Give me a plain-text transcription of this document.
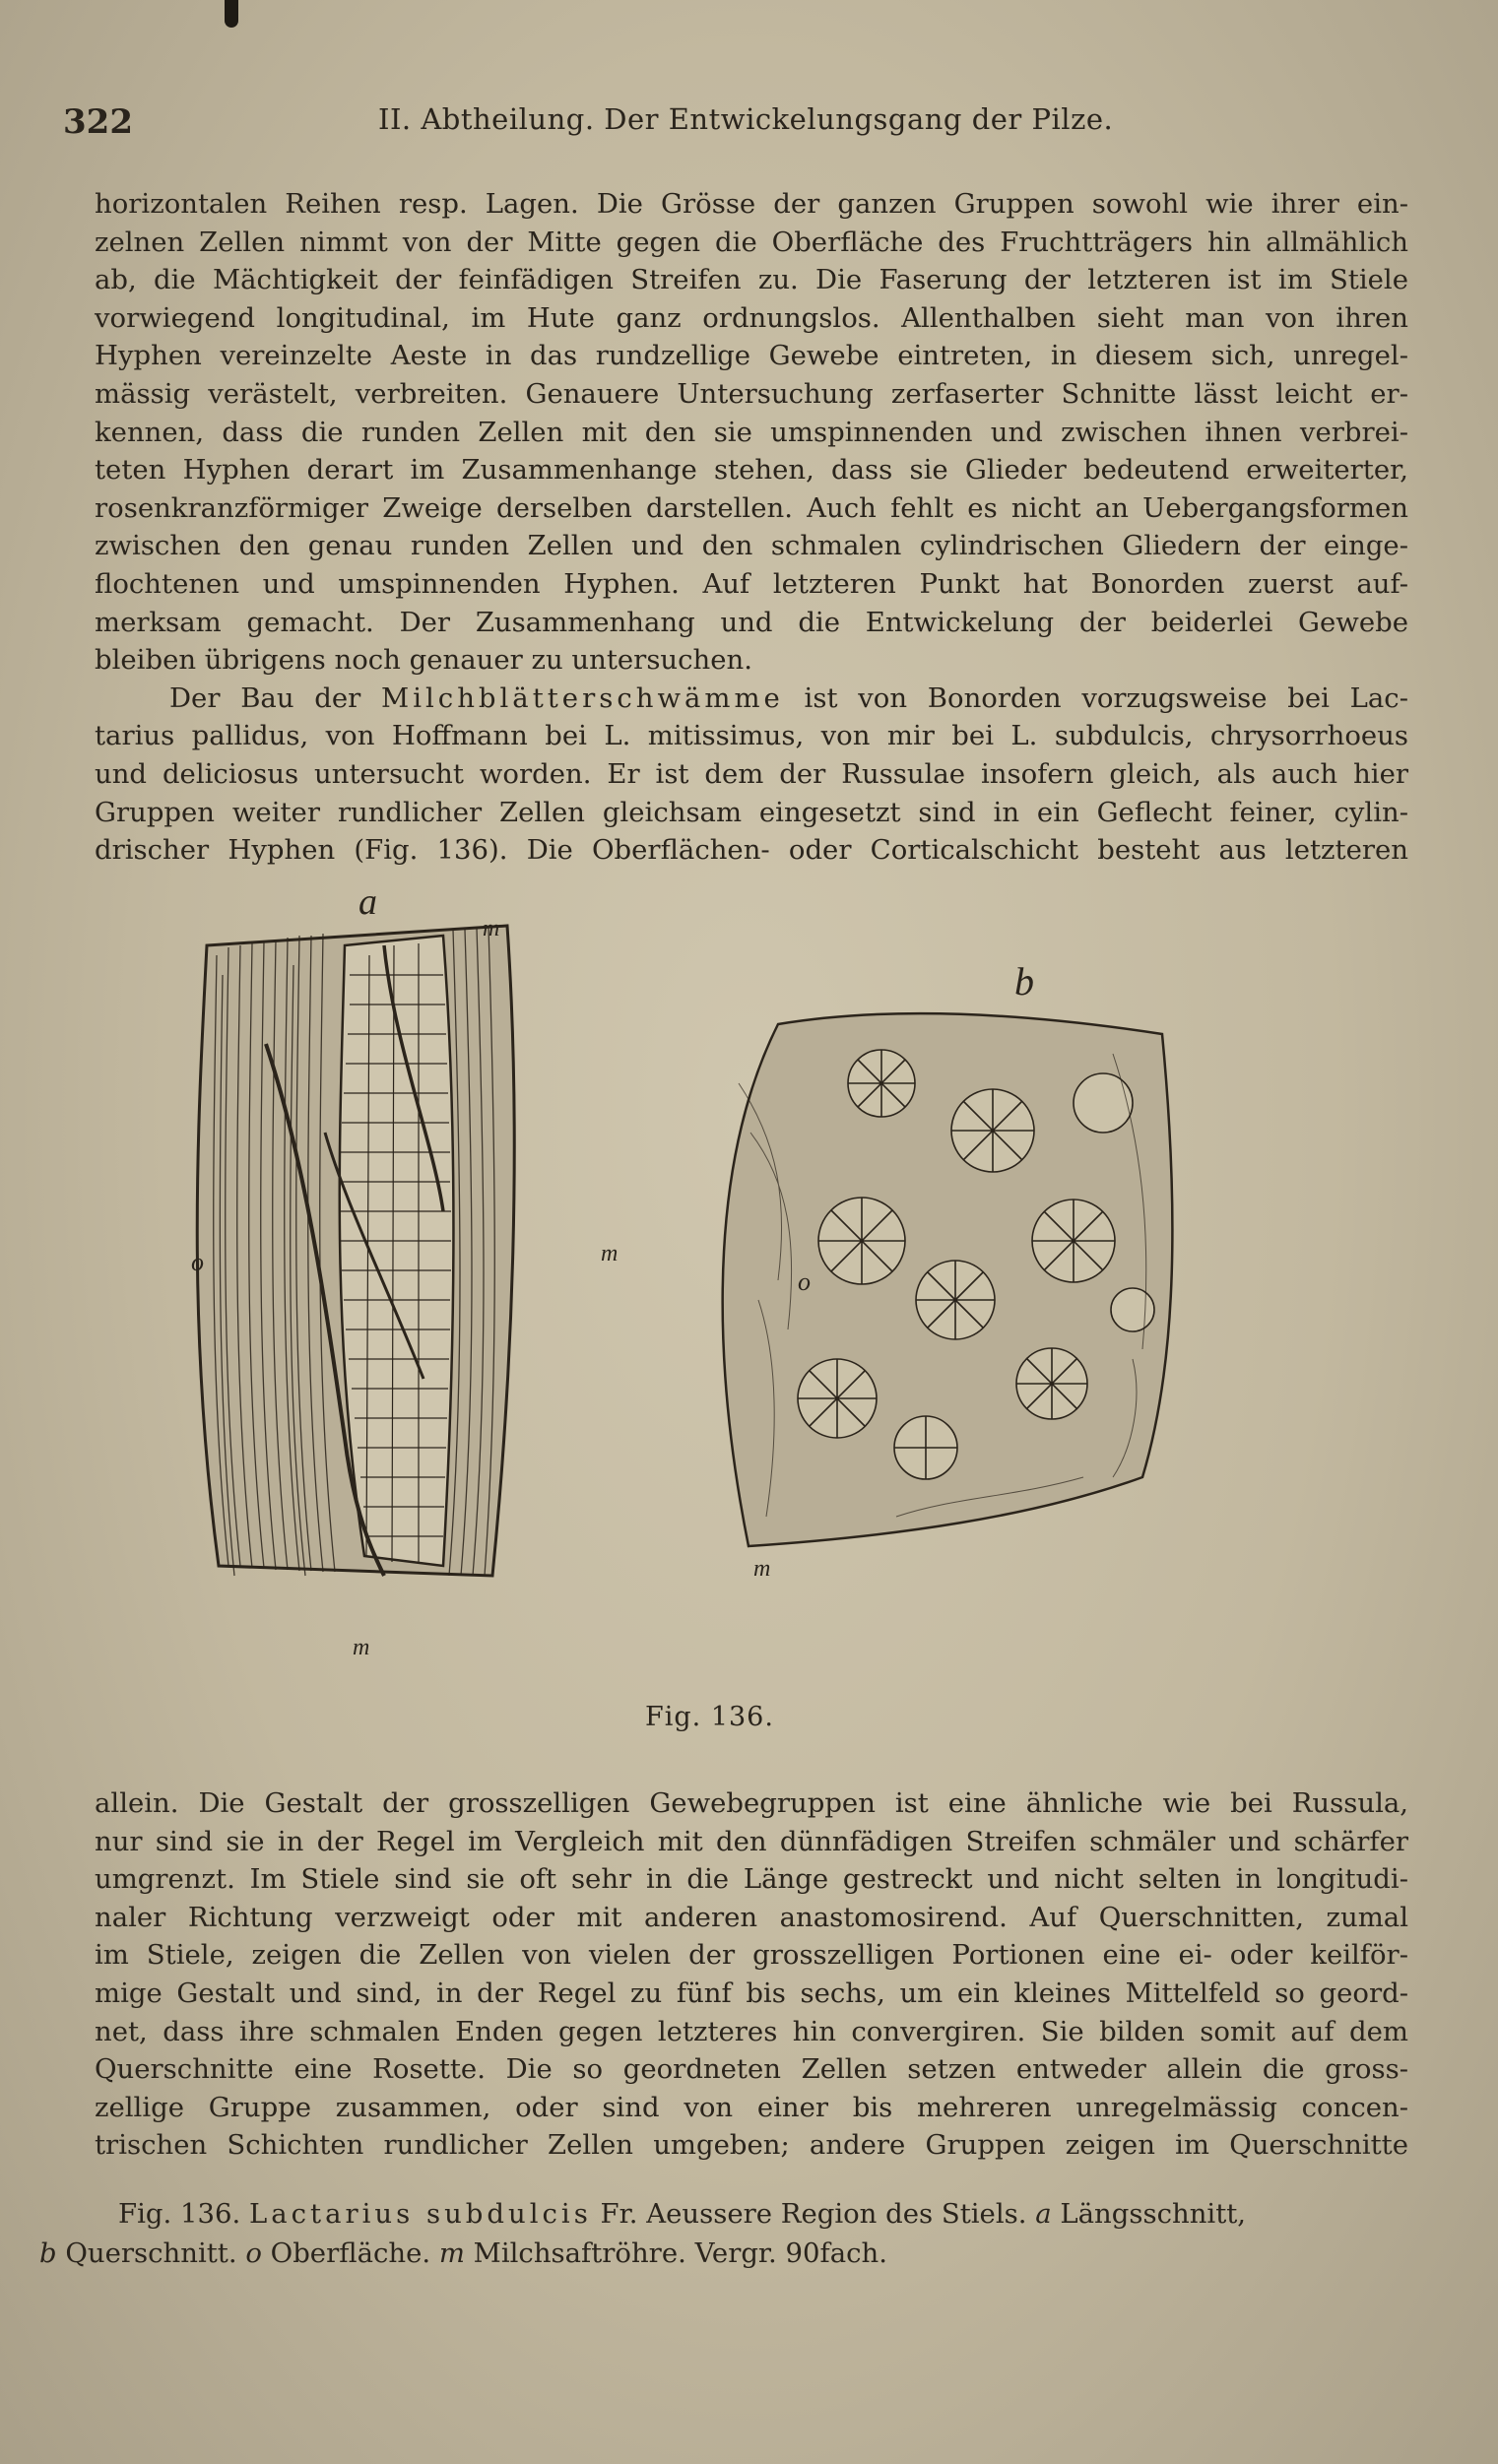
322	II. Abtheilung. Der Entwickelungsgang der Pilze.

horizontalen Reihen resp. Lagen. Die Grösse der ganzen Gruppen sowohl wie ihrer ein-
zelnen Zellen nimmt von der Mitte gegen die Oberfläche des Fruchtträgers hin allmählich
ab, die Mächtigkeit der feinfädigen Streifen zu. Die Faserung der letzteren ist im Stiele
vorwiegend longitudinal, im Hute ganz ordnungslos. Allenthalben sieht man von ihren
Hyphen vereinzelte Aeste in das rundzellige Gewebe eintreten, in diesem sich, unregel-
mässig verästelt, verbreiten. Genauere Untersuchung zerfaserter Schnitte lässt leicht er-
kennen, dass die runden Zellen mit den sie umspinnenden und zwischen ihnen verbrei-
teten Hyphen derart im Zusammenhange stehen, dass sie Glieder bedeutend erweiterter,
rosenkranzförmiger Zweige derselben darstellen. Auch fehlt es nicht an Uebergangsformen
zwischen den genau runden Zellen und den schmalen cylindrischen Gliedern der einge-
flochtenen und umspinnenden Hyphen. Auf letzteren Punkt hat Bonorden zuerst auf-
merksam gemacht. Der Zusammenhang und die Entwickelung der beiderlei Gewebe
bleiben übrigens noch genauer zu untersuchen.

Der Bau der Milchblätterschwämme ist von Bonorden vorzugsweise bei Lac-
tarius pallidus, von Hoffmann bei L. mitissimus, von mir bei L. subdulcis, chrysorrhoeus
und deliciosus untersucht worden. Er ist dem der Russulae insofern gleich, als auch hier
Gruppen weiter rundlicher Zellen gleichsam eingesetzt sind in ein Geflecht feiner, cylin-
drischer Hyphen (Fig. 136). Die Oberflächen- oder Corticalschicht besteht aus letzteren

a
m
o
m
m
b
o
m
Fig. 136.

allein. Die Gestalt der grosszelligen Gewebegruppen ist eine ähnliche wie bei Russula,
nur sind sie in der Regel im Vergleich mit den dünnfädigen Streifen schmäler und schärfer
umgrenzt. Im Stiele sind sie oft sehr in die Länge gestreckt und nicht selten in longitudi-
naler Richtung verzweigt oder mit anderen anastomosirend. Auf Querschnitten, zumal
im Stiele, zeigen die Zellen von vielen der grosszelligen Portionen eine ei- oder keilför-
mige Gestalt und sind, in der Regel zu fünf bis sechs, um ein kleines Mittelfeld so geord-
net, dass ihre schmalen Enden gegen letzteres hin convergiren. Sie bilden somit auf dem
Querschnitte eine Rosette. Die so geordneten Zellen setzen entweder allein die gross-
zellige Gruppe zusammen, oder sind von einer bis mehreren unregelmässig concen-
trischen Schichten rundlicher Zellen umgeben; andere Gruppen zeigen im Querschnitte

Fig. 136. Lactarius subdulcis Fr. Aeussere Region des Stiels. a Längsschnitt,
b Querschnitt. o Oberfläche. m Milchsaftröhre. Vergr. 90fach.
